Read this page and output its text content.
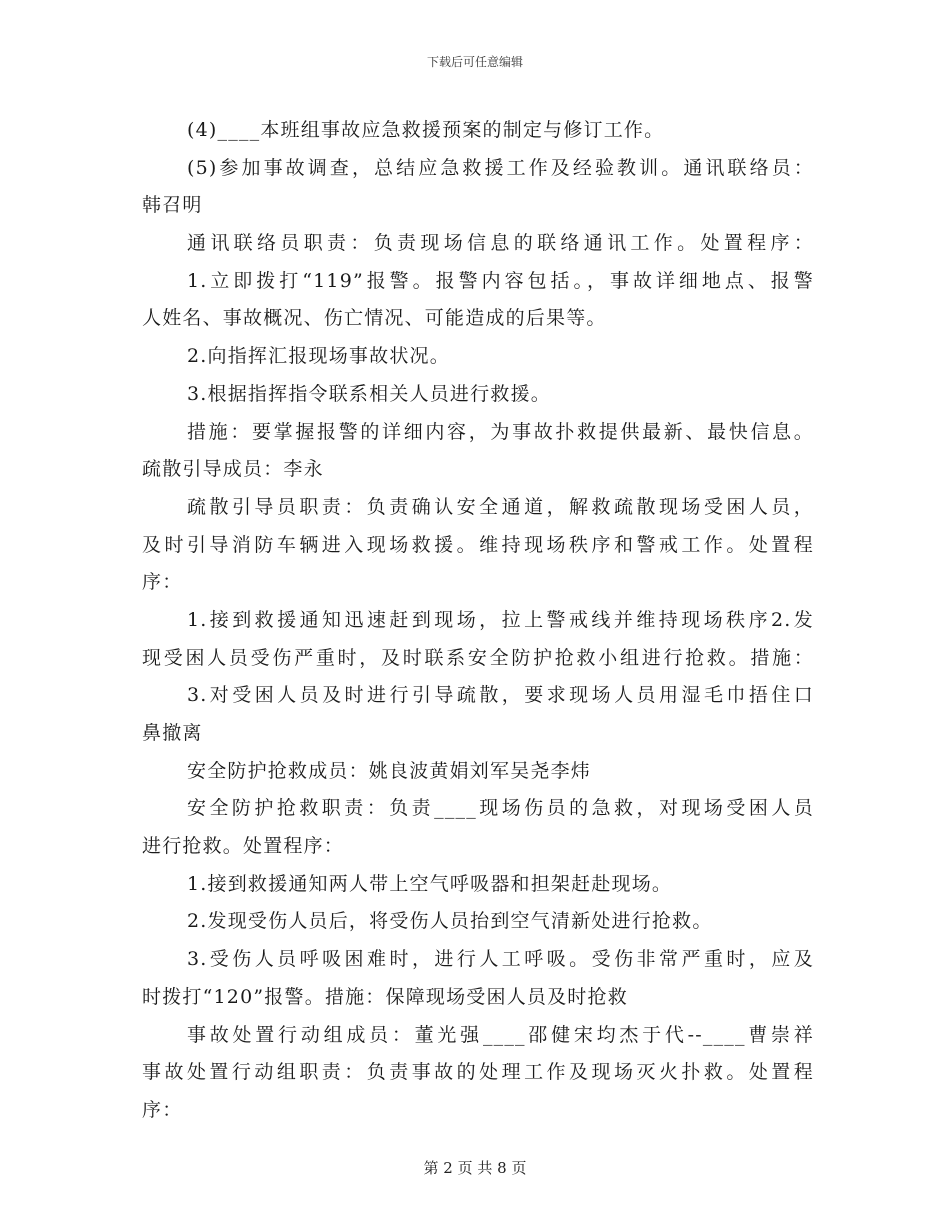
下载后可任意编辑
(4)____本班组事故应急救援预案的制定与修订工作。
(5)参加事故调查，总结应急救援工作及经验教训。通讯联络员：
韩召明
通讯联络员职责：负责现场信息的联络通讯工作。处置程序：
1.立即拨打“119”报警。报警内容包括。，事故详细地点、报警
人姓名、事故概况、伤亡情况、可能造成的后果等。
2.向指挥汇报现场事故状况。
3.根据指挥指令联系相关人员进行救援。
措施：要掌握报警的详细内容，为事故扑救提供最新、最快信息。
疏散引导成员：李永
疏散引导员职责：负责确认安全通道，解救疏散现场受困人员，
及时引导消防车辆进入现场救援。维持现场秩序和警戒工作。处置程
序：
1.接到救援通知迅速赶到现场，拉上警戒线并维持现场秩序2.发
现受困人员受伤严重时，及时联系安全防护抢救小组进行抢救。措施：
3.对受困人员及时进行引导疏散，要求现场人员用湿毛巾捂住口
鼻撤离
安全防护抢救成员：姚良波黄娟刘军吴尧李炜
安全防护抢救职责：负责____现场伤员的急救，对现场受困人员
进行抢救。处置程序：
1.接到救援通知两人带上空气呼吸器和担架赶赴现场。
2.发现受伤人员后，将受伤人员抬到空气清新处进行抢救。
3.受伤人员呼吸困难时，进行人工呼吸。受伤非常严重时，应及
时拨打“120”报警。措施：保障现场受困人员及时抢救
事故处置行动组成员：董光强____邵健宋均杰于代--____曹崇祥
事故处置行动组职责：负责事故的处理工作及现场灭火扑救。处置程
序：
第 2 页 共 8 页
